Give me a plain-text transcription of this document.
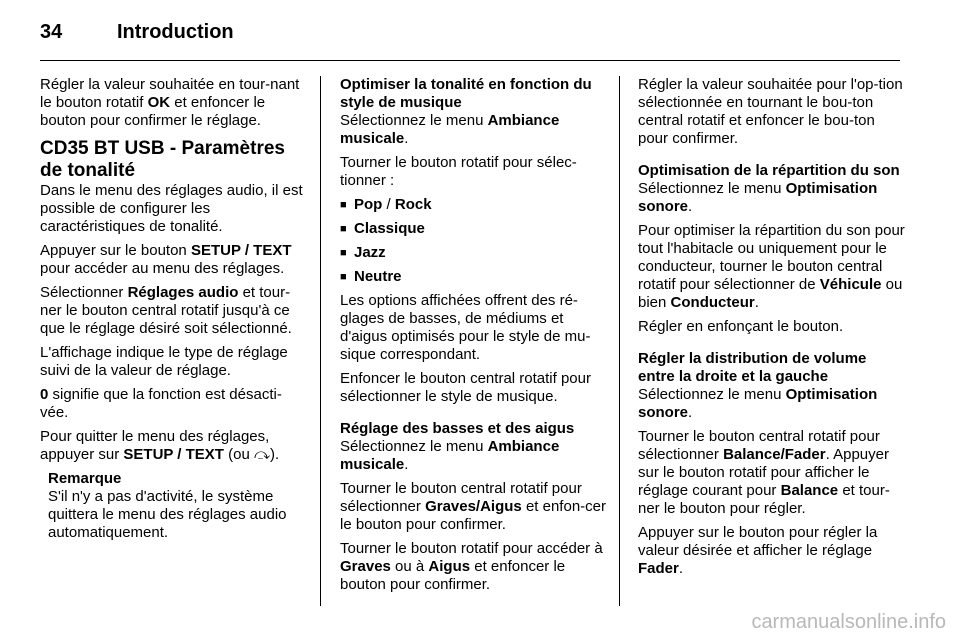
34	Introduction

Régler la valeur souhaitée en tour-nant le bouton rotatif OK et enfoncer le bouton pour confirmer le réglage.

CD35 BT USB - Paramètres de tonalité

Dans le menu des réglages audio, il est possible de configurer les caractéristiques de tonalité.

Appuyer sur le bouton SETUP / TEXT pour accéder au menu des réglages.

Sélectionner Réglages audio et tour-ner le bouton central rotatif jusqu'à ce que le réglage désiré soit sélectionné.

L'affichage indique le type de réglage suivi de la valeur de réglage.

0 signifie que la fonction est désacti-vée.

Pour quitter le menu des réglages, appuyer sur SETUP / TEXT (ou ⤼).

Remarque
S'il n'y a pas d'activité, le système quittera le menu des réglages audio automatiquement.
Optimiser la tonalité en fonction du style de musique

Sélectionnez le menu Ambiance musicale.

Tourner le bouton rotatif pour sélec-tionner :

■ Pop / Rock
■ Classique
■ Jazz
■ Neutre

Les options affichées offrent des ré-glages de basses, de médiums et d'aigus optimisés pour le style de mu-sique correspondant.

Enfoncer le bouton central rotatif pour sélectionner le style de musique.

Réglage des basses et des aigus

Sélectionnez le menu Ambiance musicale.

Tourner le bouton central rotatif pour sélectionner Graves/Aigus et enfon-cer le bouton pour confirmer.

Tourner le bouton rotatif pour accéder à Graves ou à Aigus et enfoncer le bouton pour confirmer.

Régler la valeur souhaitée pour l'op-tion sélectionnée en tournant le bou-ton central rotatif et enfoncer le bou-ton pour confirmer.

Optimisation de la répartition du son

Sélectionnez le menu Optimisation sonore.

Pour optimiser la répartition du son pour tout l'habitacle ou uniquement pour le conducteur, tourner le bouton central rotatif pour sélectionner de Véhicule ou bien Conducteur.

Régler en enfonçant le bouton.

Régler la distribution de volume entre la droite et la gauche

Sélectionnez le menu Optimisation sonore.

Tourner le bouton central rotatif pour sélectionner Balance/Fader. Appuyer sur le bouton rotatif pour afficher le réglage courant pour Balance et tour-ner le bouton pour régler.

Appuyer sur le bouton pour régler la valeur désirée et afficher le réglage Fader.

carmanualsonline.info
